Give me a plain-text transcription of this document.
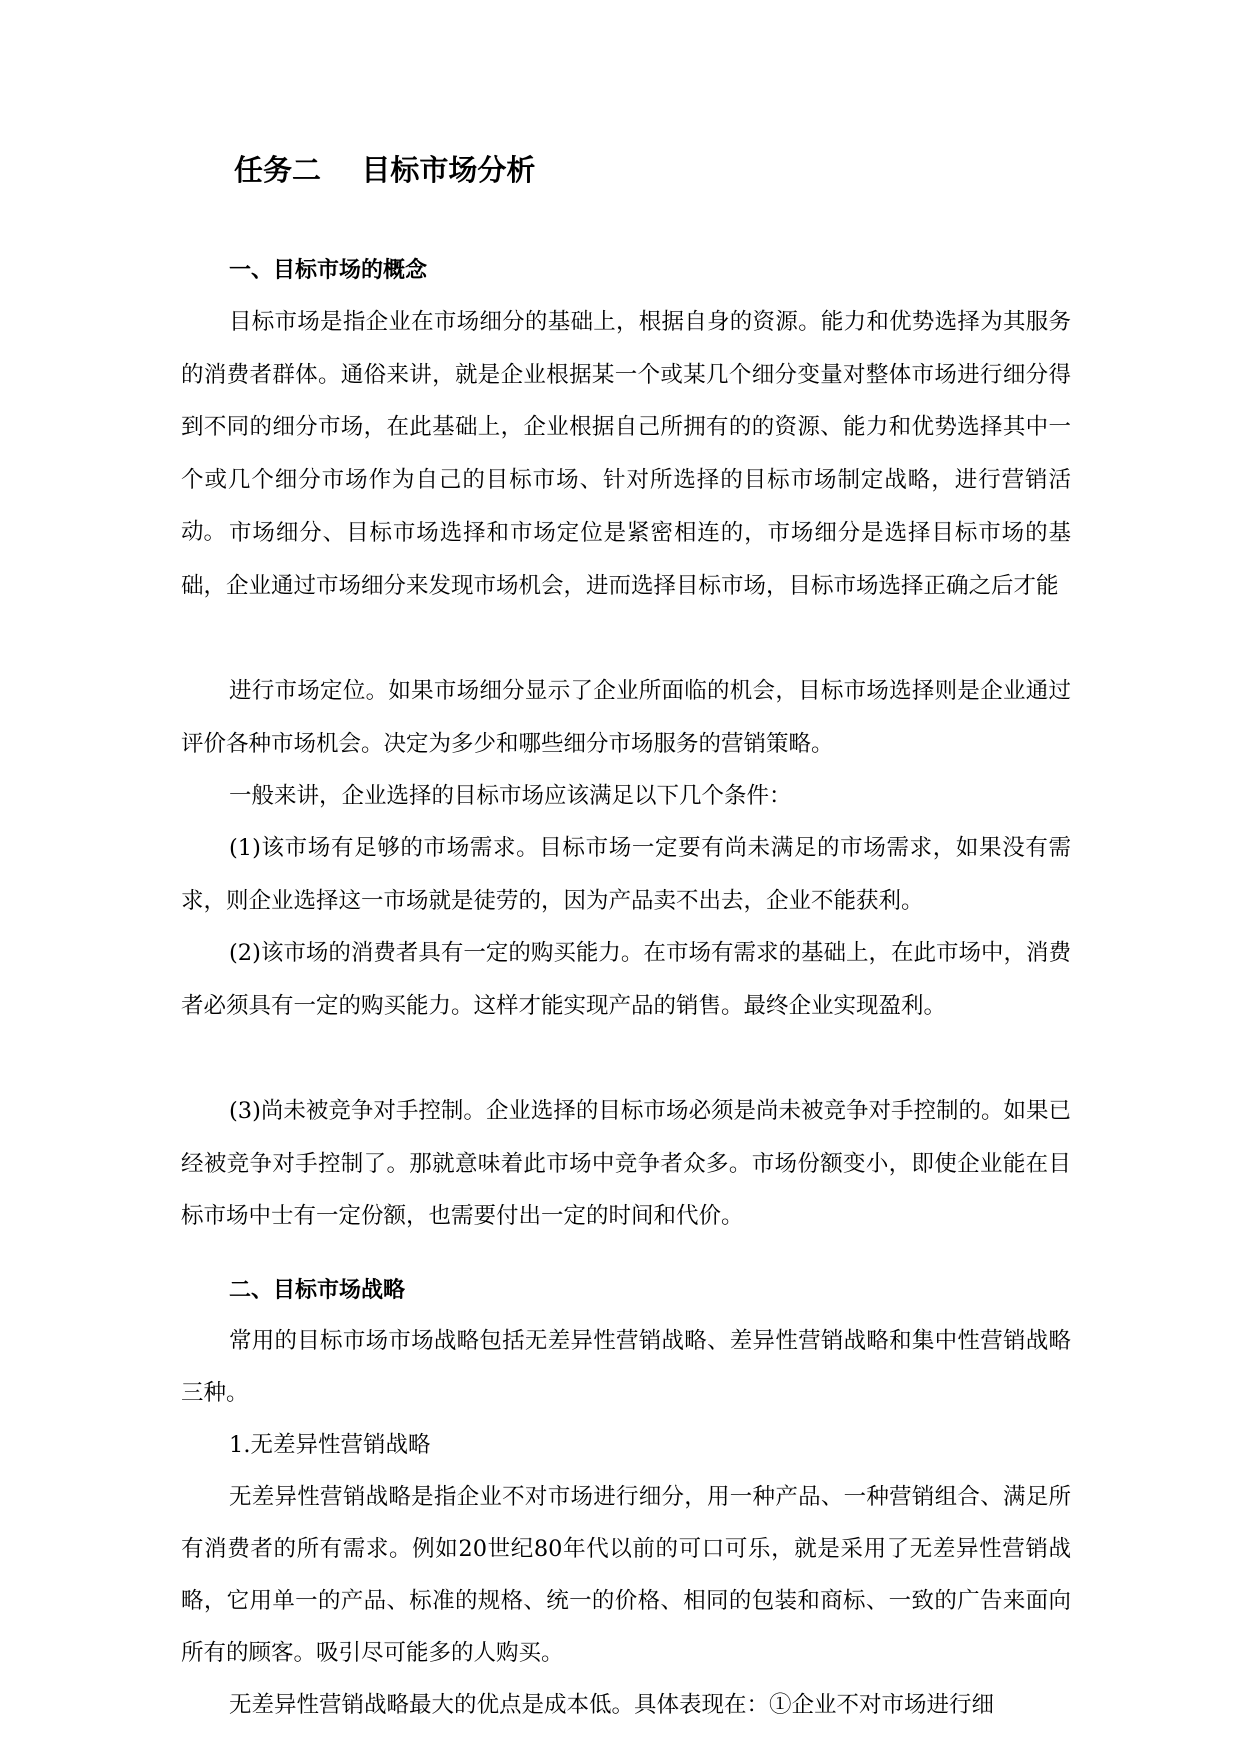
任务二    目标市场分析
一、目标市场的概念

目标市场是指企业在市场细分的基础上，根据自身的资源。能力和优势选择为其服务的消费者群体。通俗来讲，就是企业根据某一个或某几个细分变量对整体市场进行细分得到不同的细分市场，在此基础上，企业根据自己所拥有的的资源、能力和优势选择其中一个或几个细分市场作为自己的目标市场、针对所选择的目标市场制定战略，进行营销活动。 市场细分、目标市场选择和市场定位是紧密相连的，市场细分是选择目标市场的基础，企业通过市场细分来发现市场机会，进而选择目标市场，目标市场选择正确之后才能

进行市场定位。如果市场细分显示了企业所面临的机会，目标市场选择则是企业通过评价各种市场机会。决定为多少和哪些细分市场服务的营销策略。

一般来讲，企业选择的目标市场应该满足以下几个条件：

(1)该市场有足够的市场需求。目标市场一定要有尚未满足的市场需求，如果没有需求，则企业选择这一市场就是徒劳的，因为产品卖不出去，企业不能获利。

(2)该市场的消费者具有一定的购买能力。在市场有需求的基础上，在此市场中，消费者必须具有一定的购买能力。这样才能实现产品的销售。最终企业实现盈利。

(3)尚未被竞争对手控制。企业选择的目标市场必须是尚未被竞争对手控制的。如果已经被竞争对手控制了。那就意味着此市场中竞争者众多。市场份额变小，即使企业能在目标市场中士有一定份额，也需要付出一定的时间和代价。

二、目标市场战略

常用的目标市场市场战略包括无差异性营销战略、差异性营销战略和集中性营销战略三种。

1.无差异性营销战略

无差异性营销战略是指企业不对市场进行细分，用一种产品、一种营销组合、满足所有消费者的所有需求。例如20世纪80年代以前的可口可乐，就是采用了无差异性营销战略，它用单一的产品、标准的规格、统一的价格、相同的包装和商标、一致的广告来面向所有的顾客。吸引尽可能多的人购买。

无差异性营销战略最大的优点是成本低。具体表现在：①企业不对市场进行细
